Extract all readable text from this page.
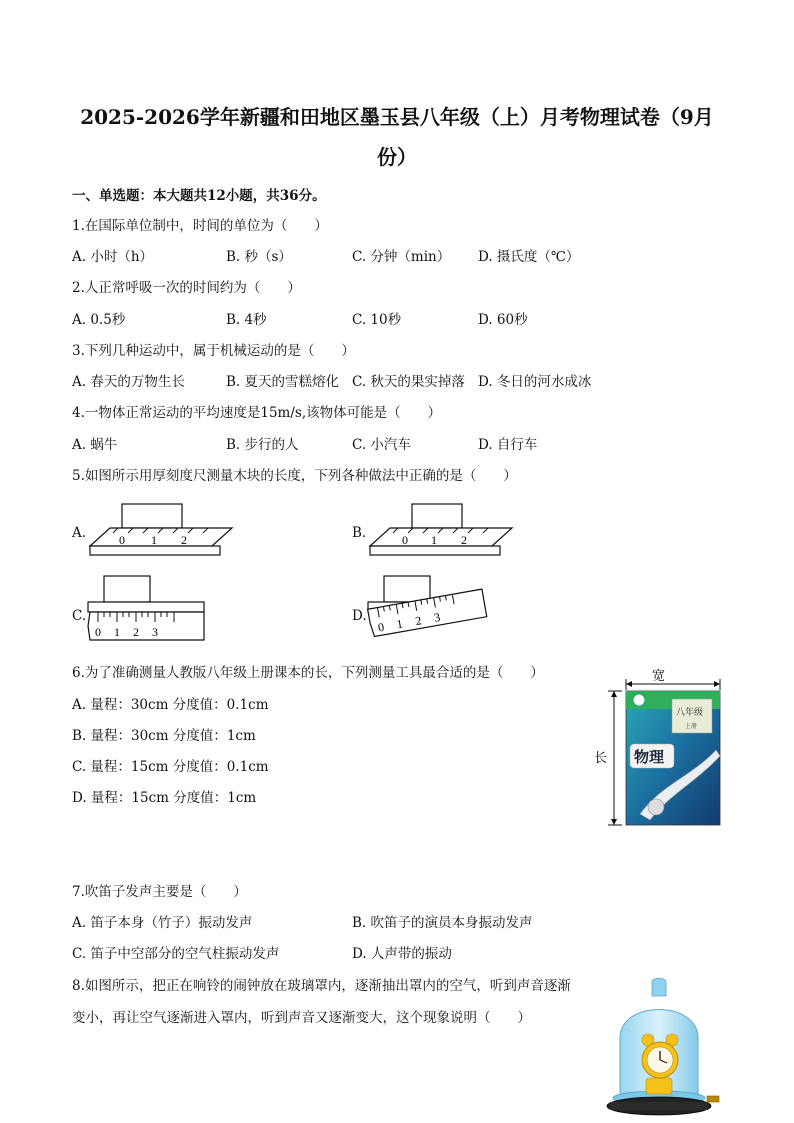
2025-2026学年新疆和田地区墨玉县八年级（上）月考物理试卷（9月
份）
一、单选题：本大题共12小题，共36分。
1.在国际单位制中，时间的单位为（　　）
A. 小时（h）	B. 秒（s）	C. 分钟（min） D. 摄氏度（℃）
2.人正常呼吸一次的时间约为（　　）
A. 0.5秒	B. 4秒	C. 10秒	D. 60秒
3.下列几种运动中，属于机械运动的是（　　）
A. 春天的万物生长	B. 夏天的雪糕熔化 C. 秋天的果实掉落 D. 冬日的河水成冰
4.一物体正常运动的平均速度是15m/s,该物体可能是（　　）
A. 蜗牛	B. 步行的人	C. 小汽车	D. 自行车
5.如图所示用厚刻度尺测量木块的长度，下列各种做法中正确的是（　　）
A.	0 1 2	B.	0 1 2
C.
0 1 2 3
D.
0 1 2 3
6.为了准确测量人教版八年级上册课本的长，下列测量工具最合适的是（　　）
A. 量程：30cm 分度值：0.1cm
B. 量程：30cm 分度值：1cm
C. 量程：15cm 分度值：0.1cm
D. 量程：15cm 分度值：1cm
宽
长
八年级
上册
物理
7.吹笛子发声主要是（　　）
A. 笛子本身（竹子）振动发声	B. 吹笛子的演员本身振动发声
C. 笛子中空部分的空气柱振动发声	D. 人声带的振动
8.如图所示，把正在响铃的闹钟放在玻璃罩内，逐渐抽出罩内的空气，听到声音逐渐
变小，再让空气逐渐进入罩内，听到声音又逐渐变大，这个现象说明（　　）
